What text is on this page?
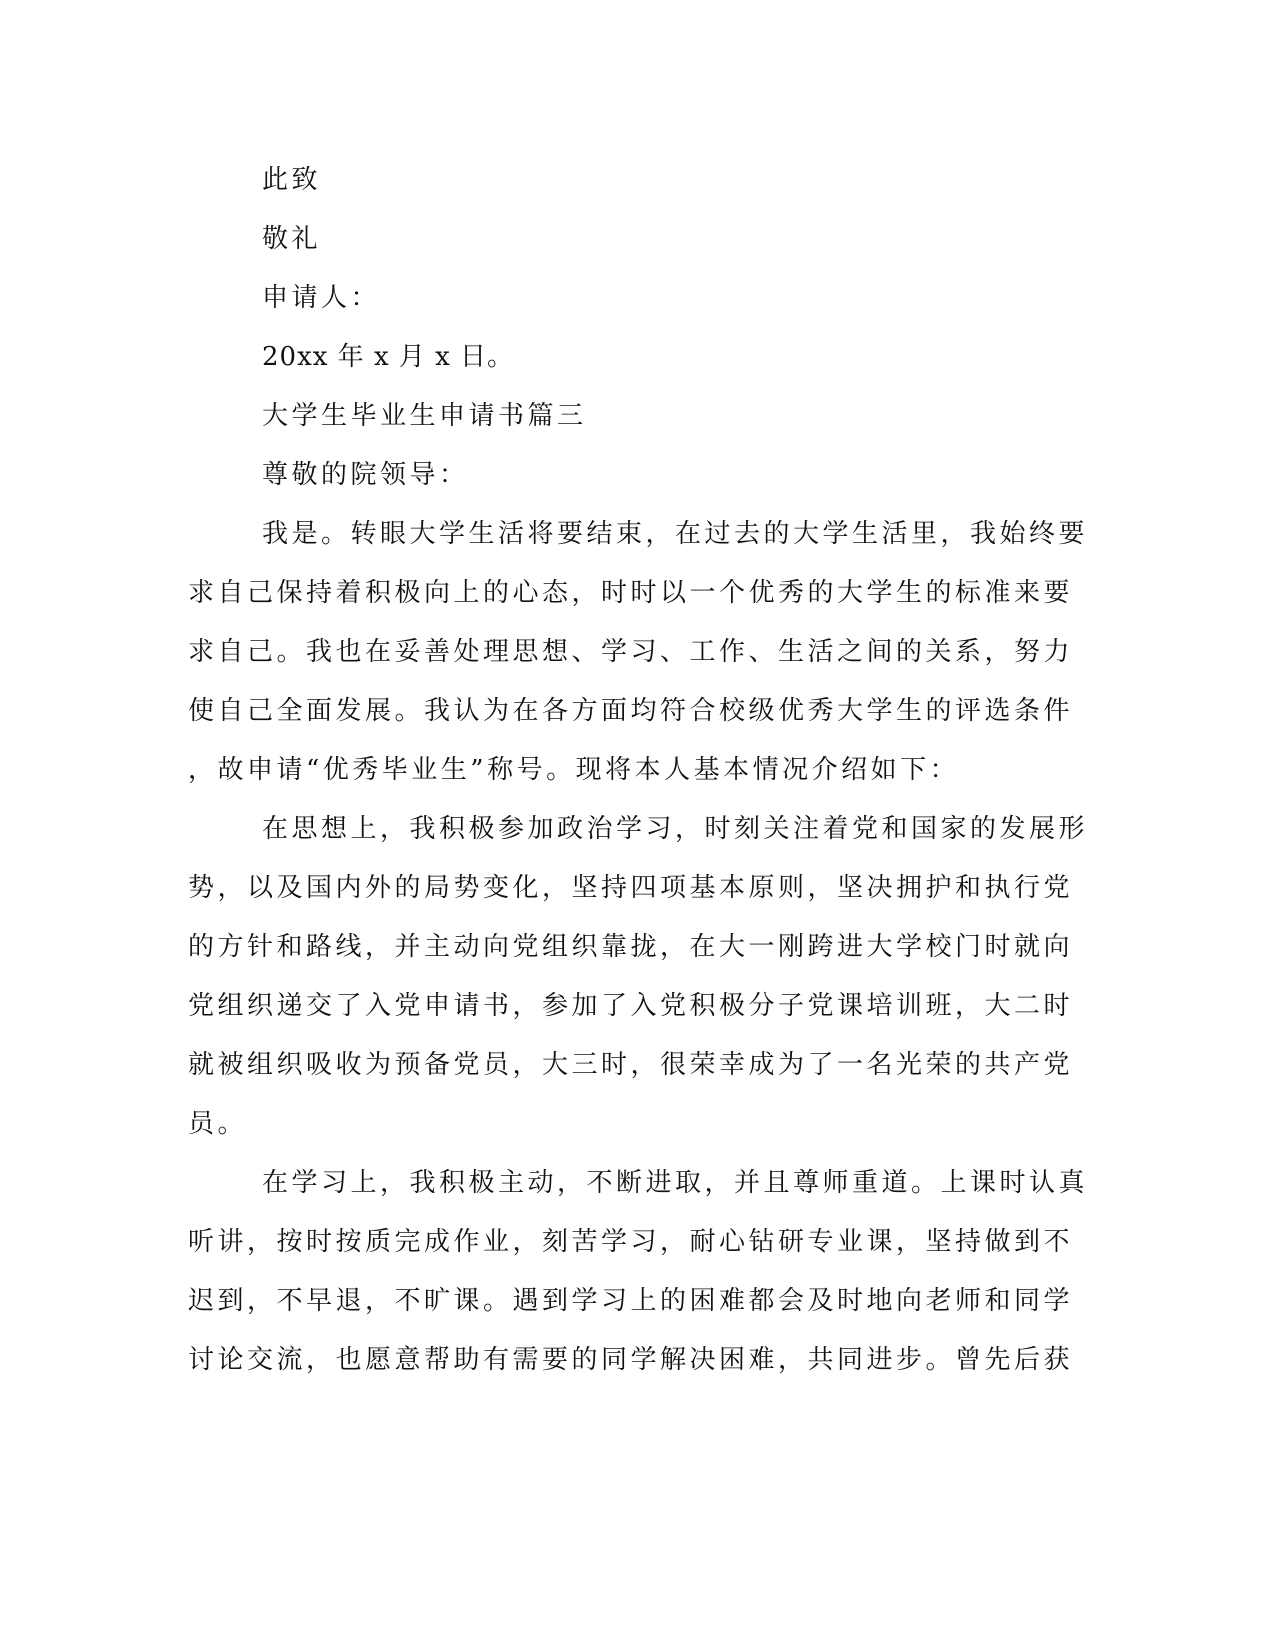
此致

敬礼

申请人：

20xx 年 x 月 x 日。

大学生毕业生申请书篇三

尊敬的院领导：

我是。转眼大学生活将要结束，在过去的大学生活里，我始终要

求自己保持着积极向上的心态，时时以一个优秀的大学生的标准来要

求自己。我也在妥善处理思想、学习、工作、生活之间的关系，努力

使自己全面发展。我认为在各方面均符合校级优秀大学生的评选条件

，故申请“优秀毕业生”称号。现将本人基本情况介绍如下：

在思想上，我积极参加政治学习，时刻关注着党和国家的发展形

势，以及国内外的局势变化，坚持四项基本原则，坚决拥护和执行党

的方针和路线，并主动向党组织靠拢，在大一刚跨进大学校门时就向

党组织递交了入党申请书，参加了入党积极分子党课培训班，大二时

就被组织吸收为预备党员，大三时，很荣幸成为了一名光荣的共产党

员。

在学习上，我积极主动，不断进取，并且尊师重道。上课时认真

听讲，按时按质完成作业，刻苦学习，耐心钻研专业课，坚持做到不

迟到，不早退，不旷课。遇到学习上的困难都会及时地向老师和同学

讨论交流，也愿意帮助有需要的同学解决困难，共同进步。曾先后获
